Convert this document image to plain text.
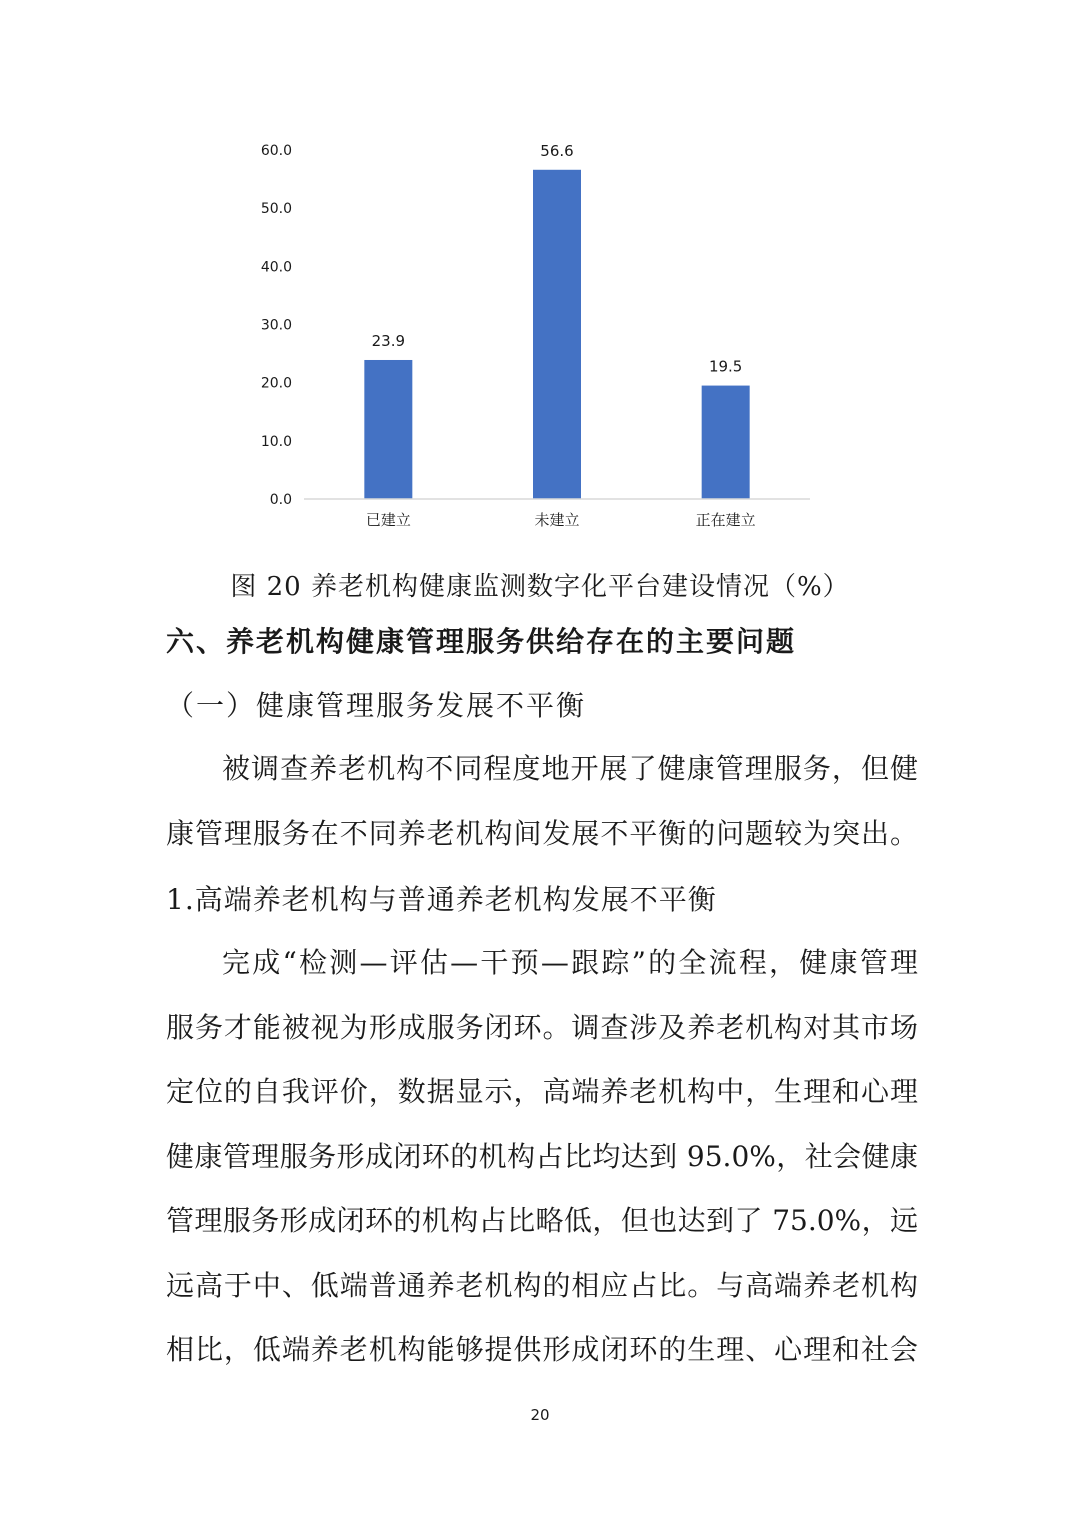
0.0
10.0
20.0
30.0
40.0
50.0
60.0
23.9
56.6
19.5
已建立	未建立	正在建立
图 20 养老机构健康监测数字化平台建设情况（%）
六、养老机构健康管理服务供给存在的主要问题
（一）健康管理服务发展不平衡
被调查养老机构不同程度地开展了健康管理服务，但健
康管理服务在不同养老机构间发展不平衡的问题较为突出。
1.高端养老机构与普通养老机构发展不平衡
完成“检测—评估—干预—跟踪”的全流程，健康管理
服务才能被视为形成服务闭环。调查涉及养老机构对其市场
定位的自我评价，数据显示，高端养老机构中，生理和心理
健康管理服务形成闭环的机构占比均达到 95.0%，社会健康
管理服务形成闭环的机构占比略低，但也达到了 75.0%，远
远高于中、低端普通养老机构的相应占比。与高端养老机构
相比，低端养老机构能够提供形成闭环的生理、心理和社会
20
